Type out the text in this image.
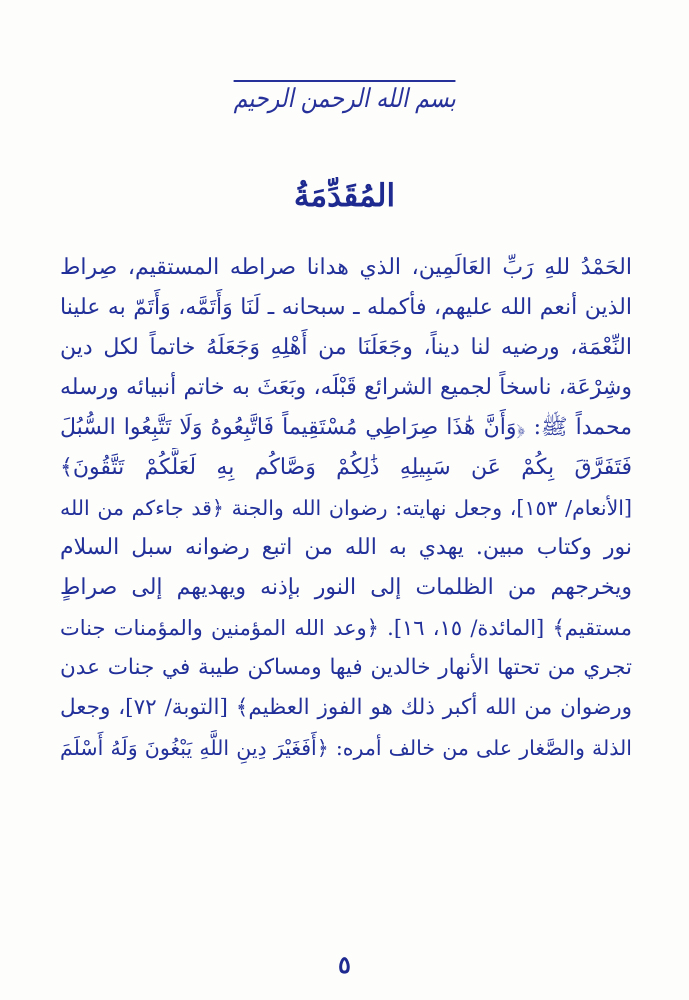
بسم الله الرحمن الرحيم
المُقَدِّمَةُ
الحَمْدُ للهِ رَبِّ العَالَمِين، الذي هدانا صراطه المستقيم، صِراط
الذين أنعم الله عليهم، فأكمله ـ سبحانه ـ لَنَا وَأَتَمَّه، وَأَتَمّ به علينا
النِّعْمَة، ورضيه لنا ديناً، وجَعَلَنَا من أَهْلِهِ وَجَعَلَهُ خاتماً لكل دين
وشِرْعَة، ناسخاً لجميع الشرائع قَبْلَه، وبَعَثَ به خاتم أنبيائه ورسله
محمداً ﷺ: ﴿وَأَنَّ هَٰذَا صِرَاطِي مُسْتَقِيماً فَاتَّبِعُوهُ وَلَا تَتَّبِعُوا السُّبُلَ
فَتَفَرَّقَ بِكُمْ عَن سَبِيلِهِ ذَٰلِكُمْ وَصَّاكُم بِهِ لَعَلَّكُمْ تَتَّقُونَ﴾
[الأنعام/ ١٥٣]، وجعل نهايته: رضوان الله والجنة ﴿قد جاءكم من الله
نور وكتاب مبين. يهدي به الله من اتبع رضوانه سبل السلام
ويخرجهم من الظلمات إلى النور بإذنه ويهديهم إلى صراطٍ
مستقيم﴾ [المائدة/ ١٥، ١٦]. ﴿وعد الله المؤمنين والمؤمنات جنات
تجري من تحتها الأنهار خالدين فيها ومساكن طيبة في جنات عدن
ورضوان من الله أكبر ذلك هو الفوز العظيم﴾ [التوبة/ ٧٢]، وجعل
الذلة والصَّغار على من خالف أمره: ﴿أَفَغَيْرَ دِينِ اللَّهِ يَبْغُونَ وَلَهُ أَسْلَمَ
٥
